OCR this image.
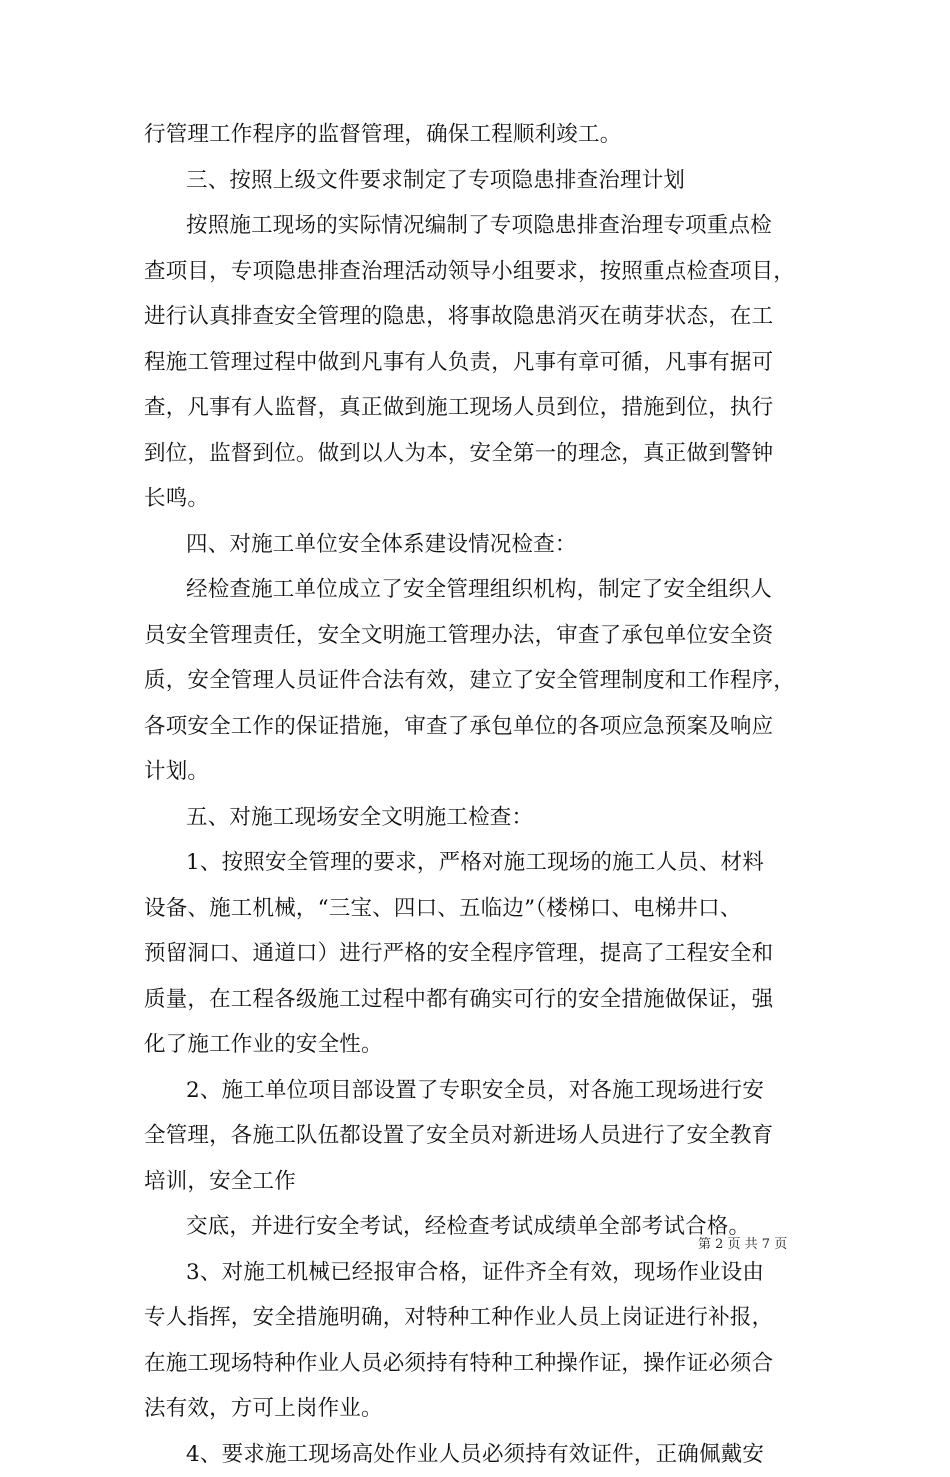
行管理工作程序的监督管理，确保工程顺利竣工。
三、按照上级文件要求制定了专项隐患排查治理计划
按照施工现场的实际情况编制了专项隐患排查治理专项重点检
查项目，专项隐患排查治理活动领导小组要求，按照重点检查项目，
进行认真排查安全管理的隐患，将事故隐患消灭在萌芽状态，在工
程施工管理过程中做到凡事有人负责，凡事有章可循，凡事有据可
查，凡事有人监督，真正做到施工现场人员到位，措施到位，执行
到位，监督到位。做到以人为本，安全第一的理念，真正做到警钟
长鸣。
四、对施工单位安全体系建设情况检查：
经检查施工单位成立了安全管理组织机构，制定了安全组织人
员安全管理责任，安全文明施工管理办法，审查了承包单位安全资
质，安全管理人员证件合法有效，建立了安全管理制度和工作程序，
各项安全工作的保证措施，审查了承包单位的各项应急预案及响应
计划。
五、对施工现场安全文明施工检查：
1、按照安全管理的要求，严格对施工现场的施工人员、材料
设备、施工机械，“三宝、四口、五临边”（楼梯口、电梯井口、
预留洞口、通道口）进行严格的安全程序管理，提高了工程安全和
质量，在工程各级施工过程中都有确实可行的安全措施做保证，强
化了施工作业的安全性。
2、施工单位项目部设置了专职安全员，对各施工现场进行安
全管理，各施工队伍都设置了安全员对新进场人员进行了安全教育
培训，安全工作
交底，并进行安全考试，经检查考试成绩单全部考试合格。
3、对施工机械已经报审合格，证件齐全有效，现场作业设由
专人指挥，安全措施明确，对特种工种作业人员上岗证进行补报，
在施工现场特种作业人员必须持有特种工种操作证，操作证必须合
法有效，方可上岗作业。
4、要求施工现场高处作业人员必须持有效证件，正确佩戴安
第 2 页 共 7 页
